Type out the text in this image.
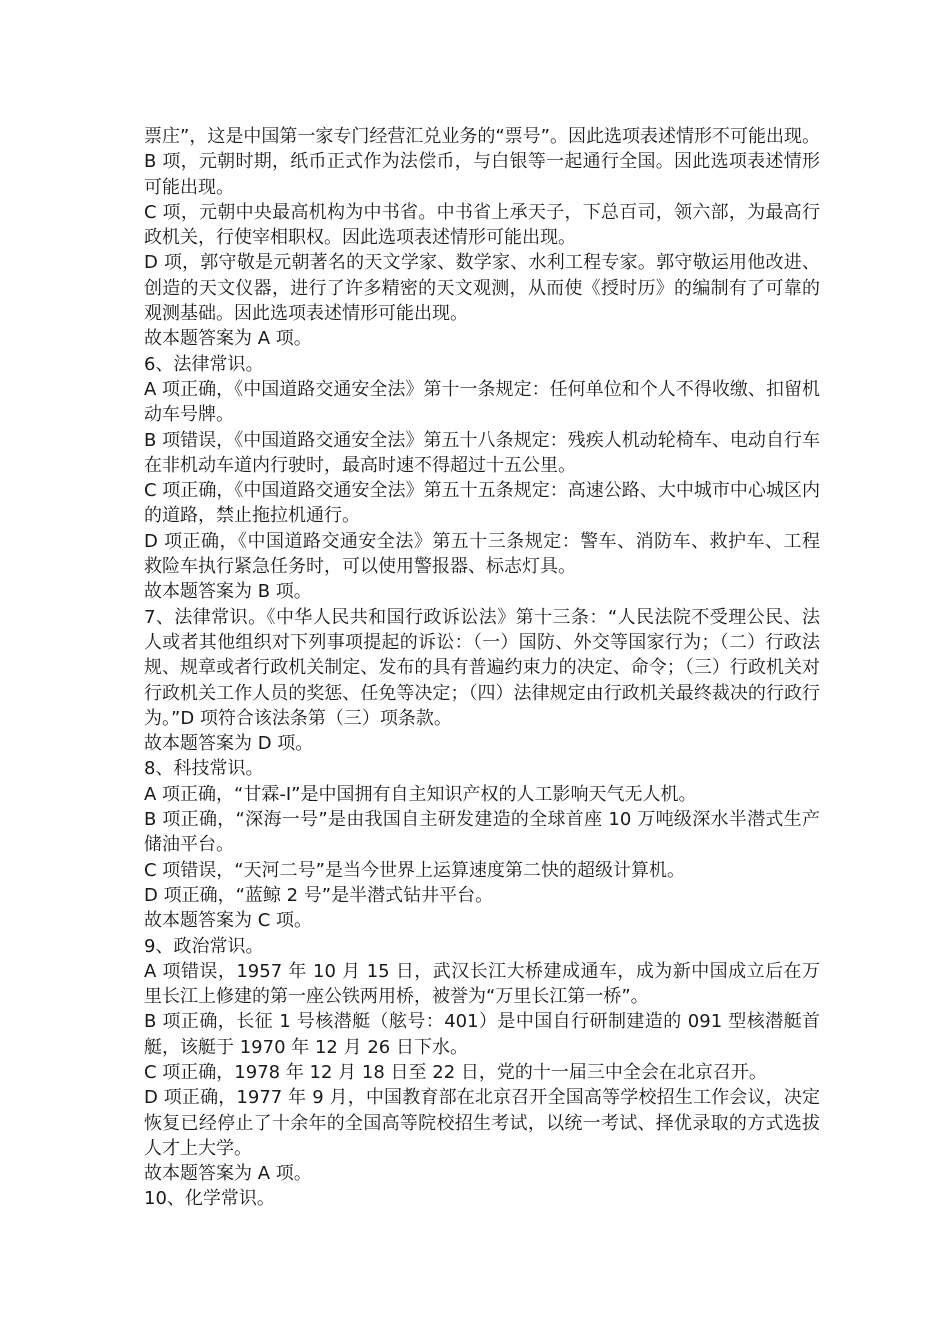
票庄”，这是中国第一家专门经营汇兑业务的“票号”。因此选项表述情形不可能出现。

B 项，元朝时期，纸币正式作为法偿币，与白银等一起通行全国。因此选项表述情形可能出现。

C 项，元朝中央最高机构为中书省。中书省上承天子，下总百司，领六部，为最高行政机关，行使宰相职权。因此选项表述情形可能出现。

D 项，郭守敬是元朝著名的天文学家、数学家、水利工程专家。郭守敬运用他改进、创造的天文仪器，进行了许多精密的天文观测，从而使《授时历》的编制有了可靠的观测基础。因此选项表述情形可能出现。

故本题答案为 A 项。

6、法律常识。

A 项正确，《中国道路交通安全法》第十一条规定：任何单位和个人不得收缴、扣留机动车号牌。

B 项错误，《中国道路交通安全法》第五十八条规定：残疾人机动轮椅车、电动自行车在非机动车道内行驶时，最高时速不得超过十五公里。

C 项正确，《中国道路交通安全法》第五十五条规定：高速公路、大中城市中心城区内的道路，禁止拖拉机通行。

D 项正确，《中国道路交通安全法》第五十三条规定：警车、消防车、救护车、工程救险车执行紧急任务时，可以使用警报器、标志灯具。

故本题答案为 B 项。

7、法律常识。《中华人民共和国行政诉讼法》第十三条：“人民法院不受理公民、法人或者其他组织对下列事项提起的诉讼：（一）国防、外交等国家行为；（二）行政法规、规章或者行政机关制定、发布的具有普遍约束力的决定、命令；（三）行政机关对行政机关工作人员的奖惩、任免等决定；（四）法律规定由行政机关最终裁决的行政行为。”D 项符合该法条第（三）项条款。

故本题答案为 D 项。

8、科技常识。

A 项正确，“甘霖-I”是中国拥有自主知识产权的人工影响天气无人机。

B 项正确，“深海一号”是由我国自主研发建造的全球首座 10 万吨级深水半潜式生产储油平台。

C 项错误，“天河二号”是当今世界上运算速度第二快的超级计算机。

D 项正确，“蓝鲸 2 号”是半潜式钻井平台。

故本题答案为 C 项。

9、政治常识。

A 项错误，1957 年 10 月 15 日，武汉长江大桥建成通车，成为新中国成立后在万里长江上修建的第一座公铁两用桥，被誉为“万里长江第一桥”。

B 项正确，长征 1 号核潜艇（舷号：401）是中国自行研制建造的 091 型核潜艇首艇，该艇于 1970 年 12 月 26 日下水。

C 项正确，1978 年 12 月 18 日至 22 日，党的十一届三中全会在北京召开。

D 项正确，1977 年 9 月，中国教育部在北京召开全国高等学校招生工作会议，决定恢复已经停止了十余年的全国高等院校招生考试，以统一考试、择优录取的方式选拔人才上大学。

故本题答案为 A 项。

10、化学常识。
